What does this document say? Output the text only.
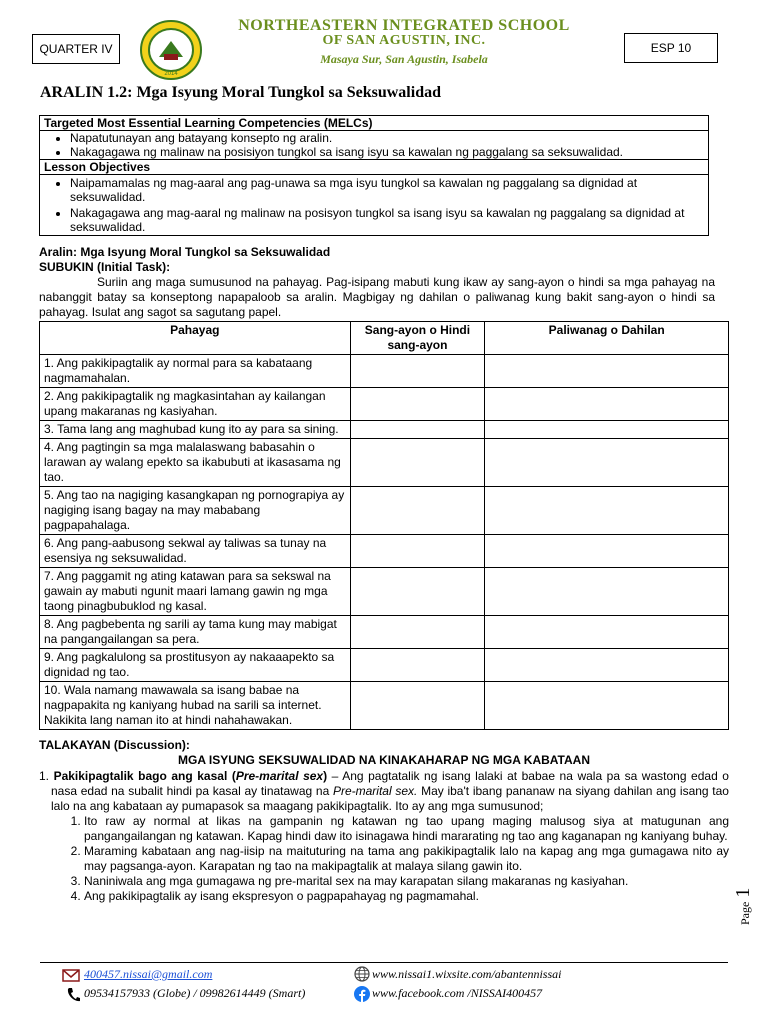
QUARTER IV	ESP 10
2014
NORTHEASTERN INTEGRATED SCHOOL
OF SAN AGUSTIN, INC.
Masaya Sur, San Agustin, Isabela
ARALIN 1.2: Mga Isyung Moral Tungkol sa Seksuwalidad
Targeted Most Essential Learning Competencies (MELCs)

• Napatutunayan ang batayang konsepto ng aralin.
• Nakagagawa ng malinaw na posisiyon tungkol sa isang isyu sa kawalan ng paggalang sa seksuwalidad.

Lesson Objectives

• Naipamamalas ng mag-aaral ang pag-unawa sa mga isyu tungkol sa kawalan ng paggalang sa dignidad at seksuwalidad.
• Nakagagawa ang mag-aaral ng malinaw na posisyon tungkol sa isang isyu sa kawalan ng paggalang sa dignidad at seksuwalidad.
Aralin: Mga Isyung Moral Tungkol sa Seksuwalidad
SUBUKIN (Initial Task):
Suriin ang maga sumusunod na pahayag. Pag-isipang mabuti kung ikaw ay sang-ayon o hindi sa mga pahayag na nabanggit batay sa konseptong napapaloob sa aralin. Magbigay ng dahilan o paliwanag kung bakit sang-ayon o hindi sa pahayag. Isulat ang sagot sa sagutang papel.
Pahayag	Sang-ayon o Hindi sang-ayon	Paliwanag o Dahilan
1. Ang pakikipagtalik ay normal para sa kabataang nagmamahalan.		
2. Ang pakikipagtalik ng magkasintahan ay kailangan upang makaranas ng kasiyahan.		
3. Tama lang ang maghubad kung ito ay para sa sining.		
4. Ang pagtingin sa mga malalaswang babasahin o larawan ay walang epekto sa ikabubuti at ikasasama ng tao.		
5. Ang tao na nagiging kasangkapan ng pornograpiya ay nagiging isang bagay na may mababang pagpapahalaga.		
6. Ang pang-aabusong sekwal ay taliwas sa tunay na esensiya ng seksuwalidad.		
7. Ang paggamit ng ating katawan para sa sekswal na gawain ay mabuti ngunit maari lamang gawin ng mga taong pinagbubuklod ng kasal.		
8. Ang pagbebenta ng sarili ay tama kung may mabigat na pangangailangan sa pera.		
9. Ang pagkalulong sa prostitusyon ay nakaaapekto sa dignidad ng tao.		
10. Wala namang mawawala sa isang babae na nagpapakita ng kaniyang hubad na sarili sa internet. Nakikita lang naman ito at hindi nahahawakan.		
TALAKAYAN (Discussion):
MGA ISYUNG SEKSUWALIDAD NA KINAKAHARAP NG MGA KABATAAN
1. Pakikipagtalik bago ang kasal (Pre-marital sex) – Ang pagtatalik ng isang lalaki at babae na wala pa sa wastong edad o nasa edad na subalit hindi pa kasal ay tinatawag na Pre-marital sex. May iba't ibang pananaw na siyang dahilan ang isang tao lalo na ang kabataan ay pumapasok sa maagang pakikipagtalik. Ito ay ang mga sumusunod;
1. Ito raw ay normal at likas na gampanin ng katawan ng tao upang maging malusog siya at matugunan ang pangangailangan ng katawan. Kapag hindi daw ito isinagawa hindi mararating ng tao ang kaganapan ng kaniyang buhay.
2. Maraming kabataan ang nag-iisip na maituturing na tama ang pakikipagtalik lalo na kapag ang mga gumagawa nito ay may pagsanga-ayon. Karapatan ng tao na makipagtalik at malaya silang gawin ito.
3. Naniniwala ang mga gumagawa ng pre-marital sex na may karapatan silang makaranas ng kasiyahan.
4. Ang pakikipagtalik ay isang ekspresyon o pagpapahayag ng pagmamahal.
Page 1
400457.nissai@gmail.com
09534157933 (Globe) / 09982614449 (Smart)
www.nissai1.wixsite.com/abantennissai
www.facebook.com /NISSAI400457
